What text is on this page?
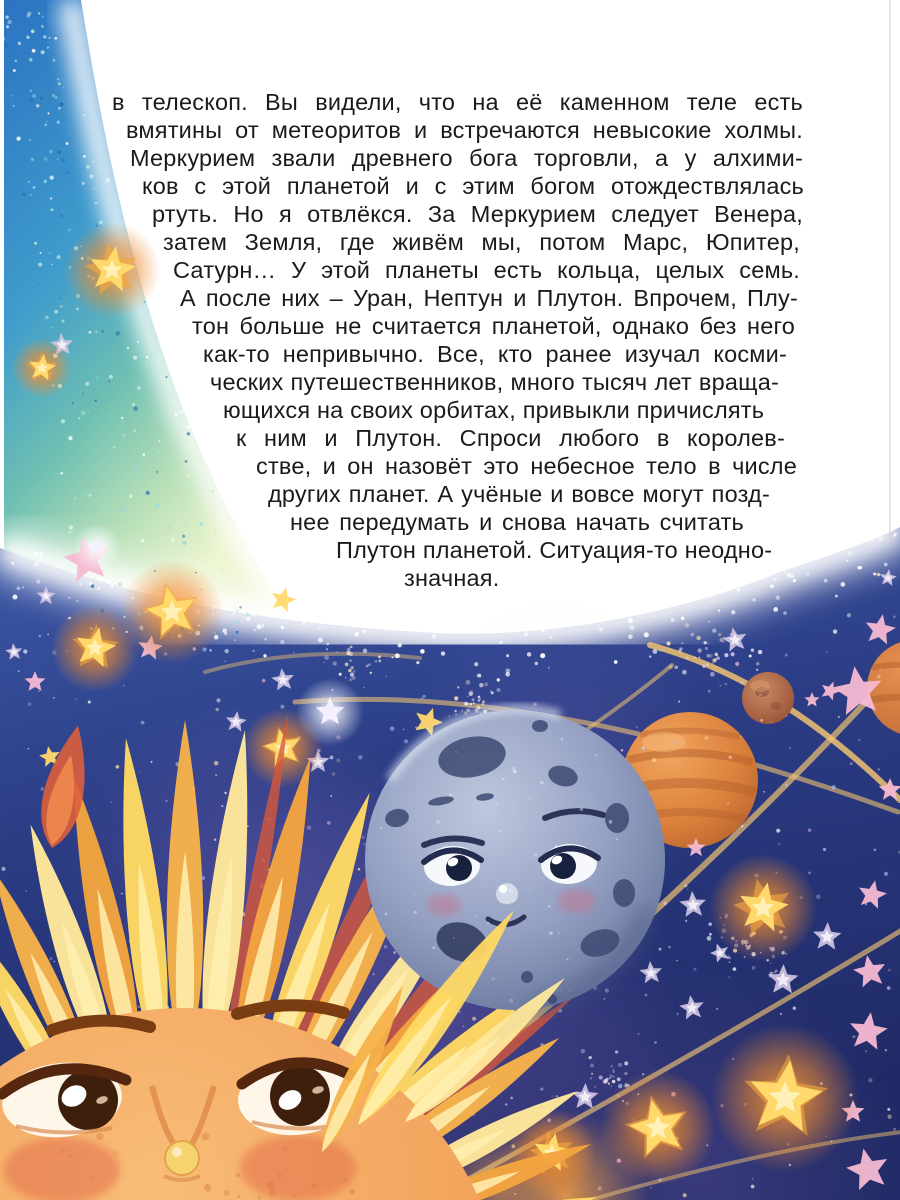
в телескоп. Вы видели, что на её каменном теле есть
вмятины от метеоритов и встречаются невысокие холмы.
Меркурием звали древнего бога торговли, а у алхими-
ков с этой планетой и с этим богом отождествлялась
ртуть. Но я отвлёкся. За Меркурием следует Венера,
затем Земля, где живём мы, потом Марс, Юпитер,
Сатурн… У этой планеты есть кольца, целых семь.
А после них – Уран, Нептун и Плутон. Впрочем, Плу-
тон больше не считается планетой, однако без него
как-то непривычно. Все, кто ранее изучал косми-
ческих путешественников, много тысяч лет враща-
ющихся на своих орбитах, привыкли причислять
к ним и Плутон. Спроси любого в королев-
стве, и он назовёт это небесное тело в числе
других планет. А учёные и вовсе могут позд-
нее передумать и снова начать считать
Плутон планетой. Ситуация-то неодно-
значная.
